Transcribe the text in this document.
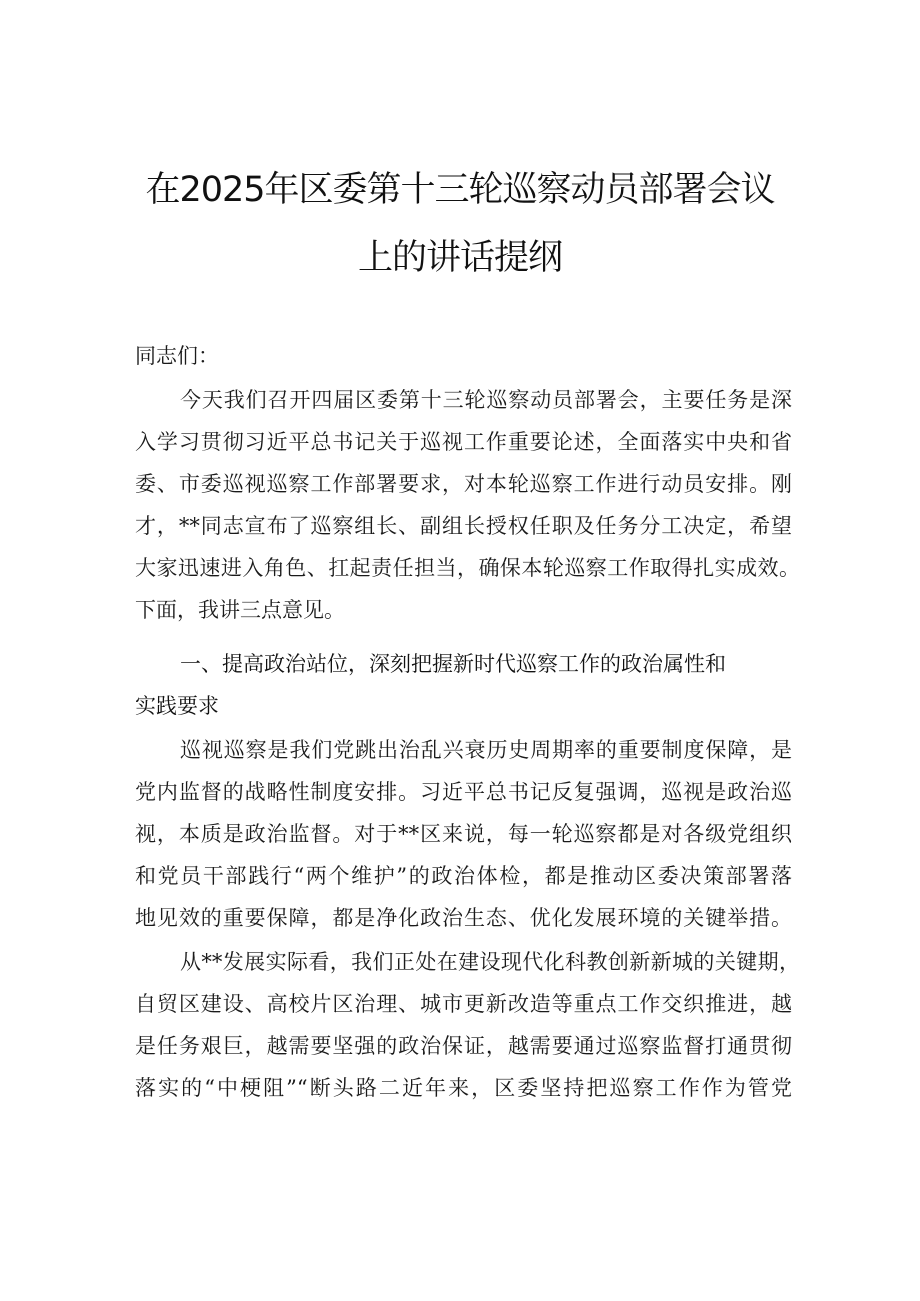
在2025年区委第十三轮巡察动员部署会议
上的讲话提纲
同志们：
今天我们召开四届区委第十三轮巡察动员部署会，主要任务是深
入学习贯彻习近平总书记关于巡视工作重要论述，全面落实中央和省
委、市委巡视巡察工作部署要求，对本轮巡察工作进行动员安排。刚
才，**同志宣布了巡察组长、副组长授权任职及任务分工决定，希望
大家迅速进入角色、扛起责任担当，确保本轮巡察工作取得扎实成效。
下面，我讲三点意见。
一、提高政治站位，深刻把握新时代巡察工作的政治属性和
实践要求
巡视巡察是我们党跳出治乱兴衰历史周期率的重要制度保障，是
党内监督的战略性制度安排。习近平总书记反复强调，巡视是政治巡
视，本质是政治监督。对于**区来说，每一轮巡察都是对各级党组织
和党员干部践行“两个维护”的政治体检，都是推动区委决策部署落
地见效的重要保障，都是净化政治生态、优化发展环境的关键举措。
从**发展实际看，我们正处在建设现代化科教创新新城的关键期，
自贸区建设、高校片区治理、城市更新改造等重点工作交织推进，越
是任务艰巨，越需要坚强的政治保证，越需要通过巡察监督打通贯彻
落实的“中梗阻”“断头路二近年来，区委坚持把巡察工作作为管党
